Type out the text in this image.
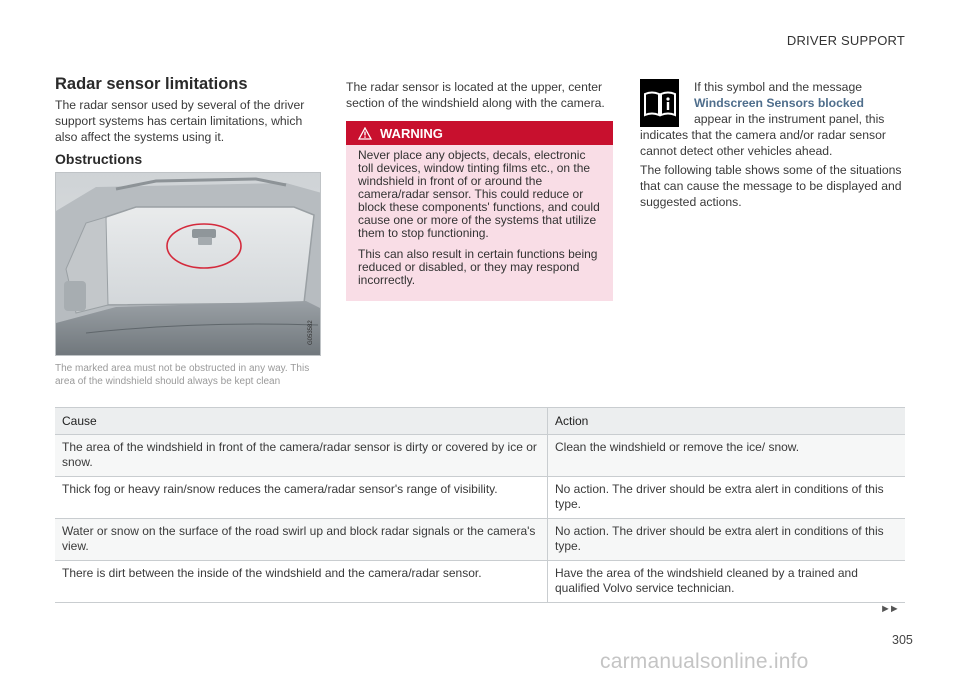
DRIVER SUPPORT
Radar sensor limitations
The radar sensor used by several of the driver support systems has certain limitations, which also affect the systems using it.
Obstructions
G053582
The marked area must not be obstructed in any way. This area of the windshield should always be kept clean
The radar sensor is located at the upper, center section of the windshield along with the camera.
WARNING

Never place any objects, decals, electronic toll devices, window tinting films etc., on the windshield in front of or around the camera/radar sensor. This could reduce or block these components' functions, and could cause one or more of the systems that utilize them to stop functioning.

This can also result in certain functions being reduced or disabled, or they may respond incorrectly.

If this symbol and the message
Windscreen Sensors blocked
appear in the instrument panel, this indicates that the camera and/or radar sensor cannot detect other vehicles ahead.
The following table shows some of the situations that can cause the message to be displayed and suggested actions.
Cause	Action
The area of the windshield in front of the camera/radar sensor is dirty or covered by ice or snow.	Clean the windshield or remove the ice/ snow.
Thick fog or heavy rain/snow reduces the camera/radar sensor's range of visibility.	No action. The driver should be extra alert in conditions of this type.
Water or snow on the surface of the road swirl up and block radar signals or the camera's view.	No action. The driver should be extra alert in conditions of this type.
There is dirt between the inside of the windshield and the camera/radar sensor.	Have the area of the windshield cleaned by a trained and qualified Volvo service technician.
►►
305
carmanualsonline.info
